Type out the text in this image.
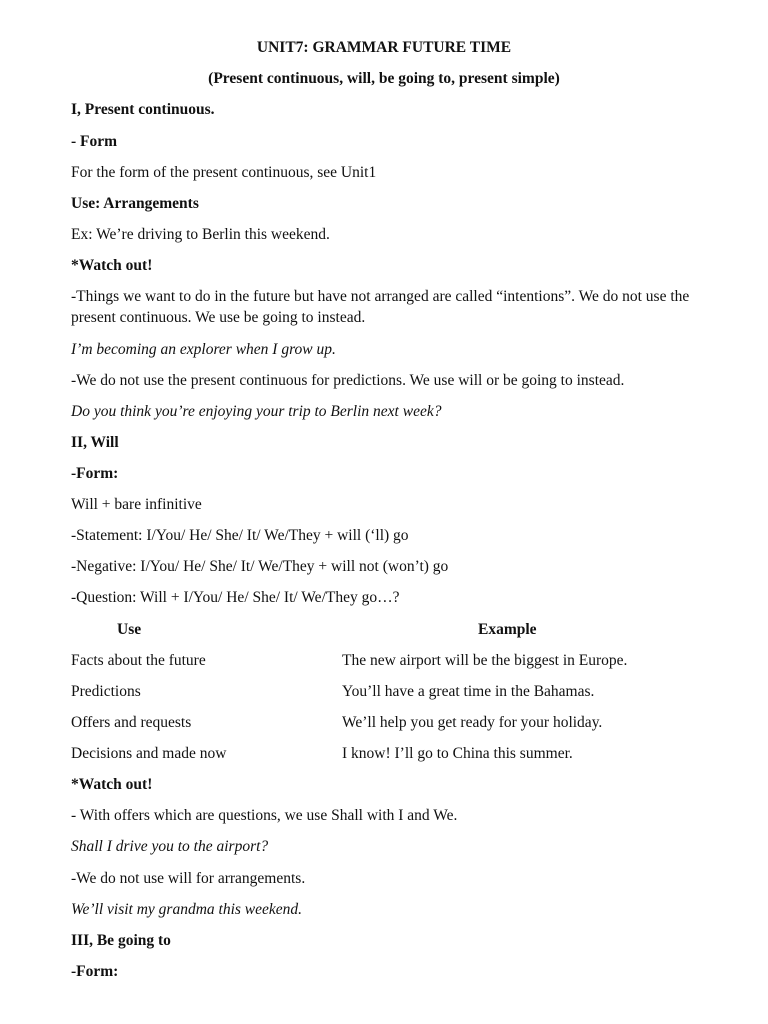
UNIT7: GRAMMAR FUTURE TIME

(Present continuous, will, be going to, present simple)

I, Present continuous.

- Form

For the form of the present continuous, see Unit1

Use: Arrangements

Ex: We’re driving to Berlin this weekend.

*Watch out!

-Things we want to do in the future but have not arranged are called “intentions”. We do not use the present continuous. We use be going to instead.

I’m becoming an explorer when I grow up.

-We do not use the present continuous for predictions. We use will or be going to instead.

Do you think you’re enjoying your trip to Berlin next week?

II, Will

-Form:

Will + bare infinitive

-Statement: I/You/ He/ She/ It/ We/They + will (‘ll) go

-Negative: I/You/ He/ She/ It/ We/They + will not (won’t) go

-Question: Will + I/You/ He/ She/ It/ We/They go…?

Use	Example

Facts about the future	The new airport will be the biggest in Europe.

Predictions	You’ll have a great time in the Bahamas.

Offers and requests	We’ll help you get ready for your holiday.

Decisions and made now	I know! I’ll go to China this summer.

*Watch out!

- With offers which are questions, we use Shall with I and We.

Shall I drive you to the airport?

-We do not use will for arrangements.

We’ll visit my grandma this weekend.

III, Be going to

-Form:
